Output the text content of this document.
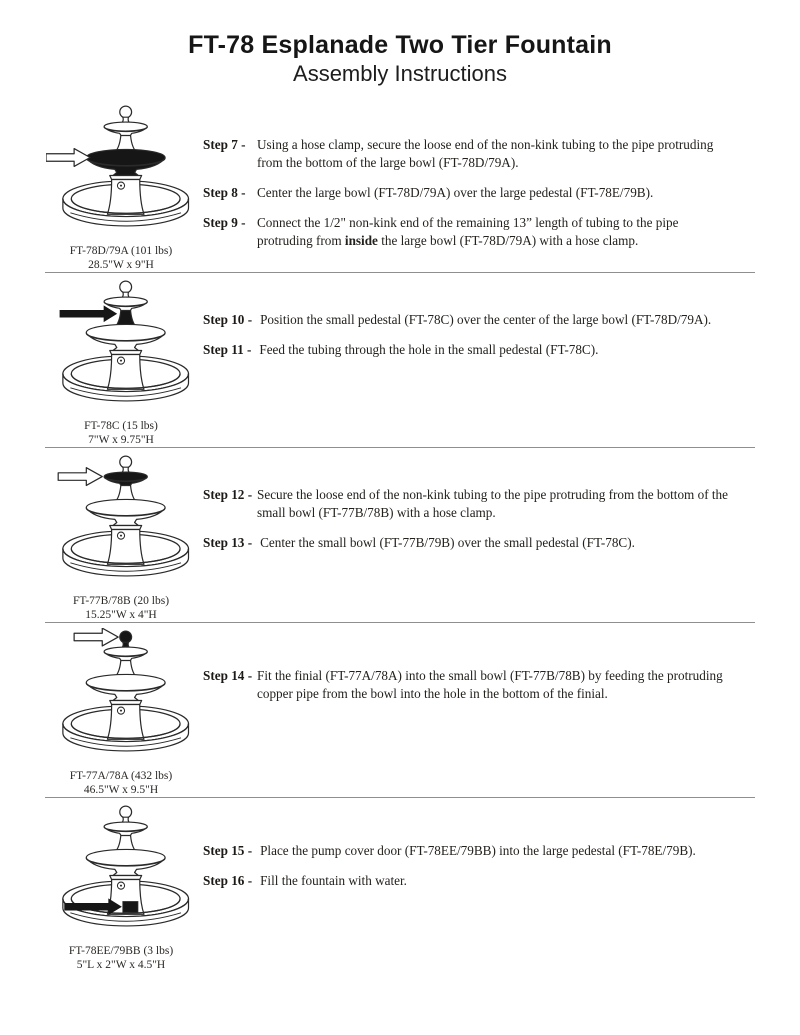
FT-78 Esplanade Two Tier Fountain
Assembly Instructions
FT-78D/79A (101 lbs)
28.5"W x 9"H
Step 7 - Using a hose clamp, secure the loose end of the non-kink tubing to the pipe protruding from the bottom of the large bowl (FT-78D/79A).
Step 8 - Center the large bowl (FT-78D/79A) over the large pedestal (FT-78E/79B).
Step 9 - Connect the 1/2" non-kink end of the remaining 13” length of tubing to the pipe protruding from inside the large bowl (FT-78D/79A) with a hose clamp.
FT-78C (15 lbs)
7"W x 9.75"H
Step 10 - Position the small pedestal (FT-78C) over the center of the large bowl (FT-78D/79A).
Step 11 - Feed the tubing through the hole in the small pedestal (FT-78C).
FT-77B/78B (20 lbs)
15.25"W x 4"H
Step 12 - Secure the loose end of the non-kink tubing to the pipe protruding from the bottom of the small bowl (FT-77B/78B) with a hose clamp.
Step 13 - Center the small bowl (FT-77B/79B) over the small pedestal (FT-78C).
FT-77A/78A (432 lbs)
46.5"W x 9.5"H
Step 14 - Fit the finial (FT-77A/78A) into the small bowl (FT-77B/78B) by feeding the protruding copper pipe from the bowl into the hole in the bottom of the finial.
FT-78EE/79BB (3 lbs)
5"L x 2"W x 4.5"H
Step 15 - Place the pump cover door (FT-78EE/79BB) into the large pedestal (FT-78E/79B).
Step 16 - Fill the fountain with water.
